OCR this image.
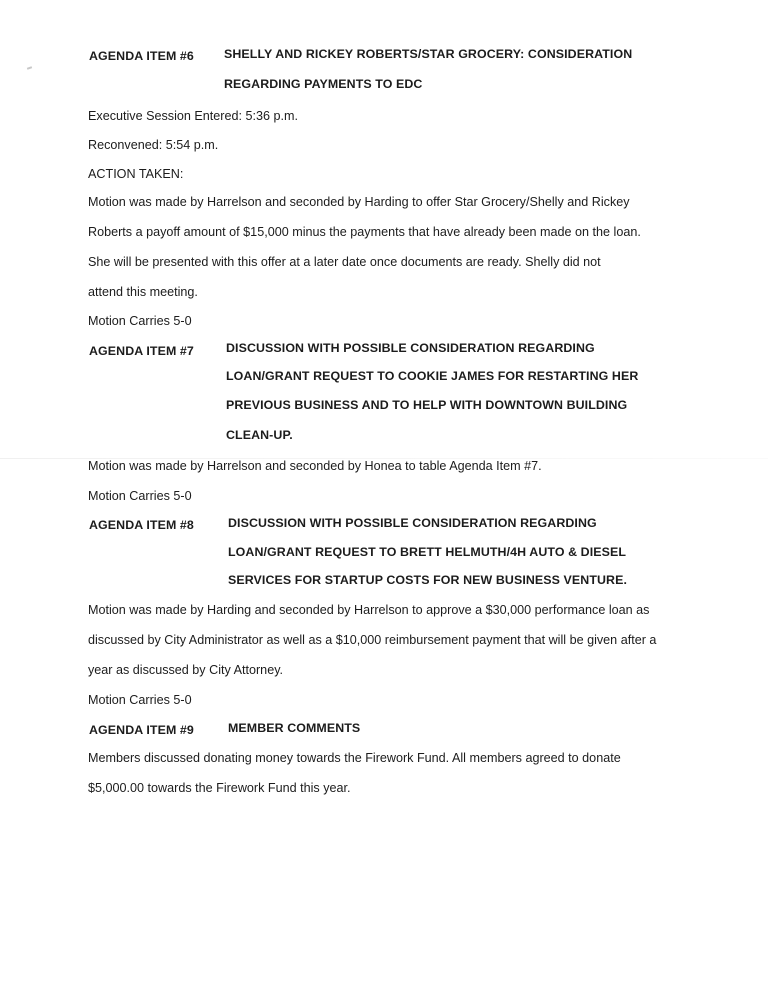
AGENDA ITEM #6 SHELLY AND RICKEY ROBERTS/STAR GROCERY: CONSIDERATION
REGARDING PAYMENTS TO EDC
Executive Session Entered: 5:36 p.m.
Reconvened: 5:54 p.m.
ACTION TAKEN:
Motion was made by Harrelson and seconded by Harding to offer Star Grocery/Shelly and Rickey
Roberts a payoff amount of $15,000 minus the payments that have already been made on the loan.
She will be presented with this offer at a later date once documents are ready. Shelly did not
attend this meeting.
Motion Carries 5-0
AGENDA ITEM #7	DISCUSSION WITH POSSIBLE CONSIDERATION REGARDING
LOAN/GRANT REQUEST TO COOKIE JAMES FOR RESTARTING HER
PREVIOUS BUSINESS AND TO HELP WITH DOWNTOWN BUILDING
CLEAN-UP.
Motion was made by Harrelson and seconded by Honea to table Agenda Item #7.
Motion Carries 5-0
AGENDA ITEM #8	DISCUSSION WITH POSSIBLE CONSIDERATION REGARDING
LOAN/GRANT REQUEST TO BRETT HELMUTH/4H AUTO & DIESEL
SERVICES FOR STARTUP COSTS FOR NEW BUSINESS VENTURE.
Motion was made by Harding and seconded by Harrelson to approve a $30,000 performance loan as
discussed by City Administrator as well as a $10,000 reimbursement payment that will be given after a
year as discussed by City Attorney.
Motion Carries 5-0
AGENDA ITEM #9	MEMBER COMMENTS
Members discussed donating money towards the Firework Fund. All members agreed to donate
$5,000.00 towards the Firework Fund this year.
